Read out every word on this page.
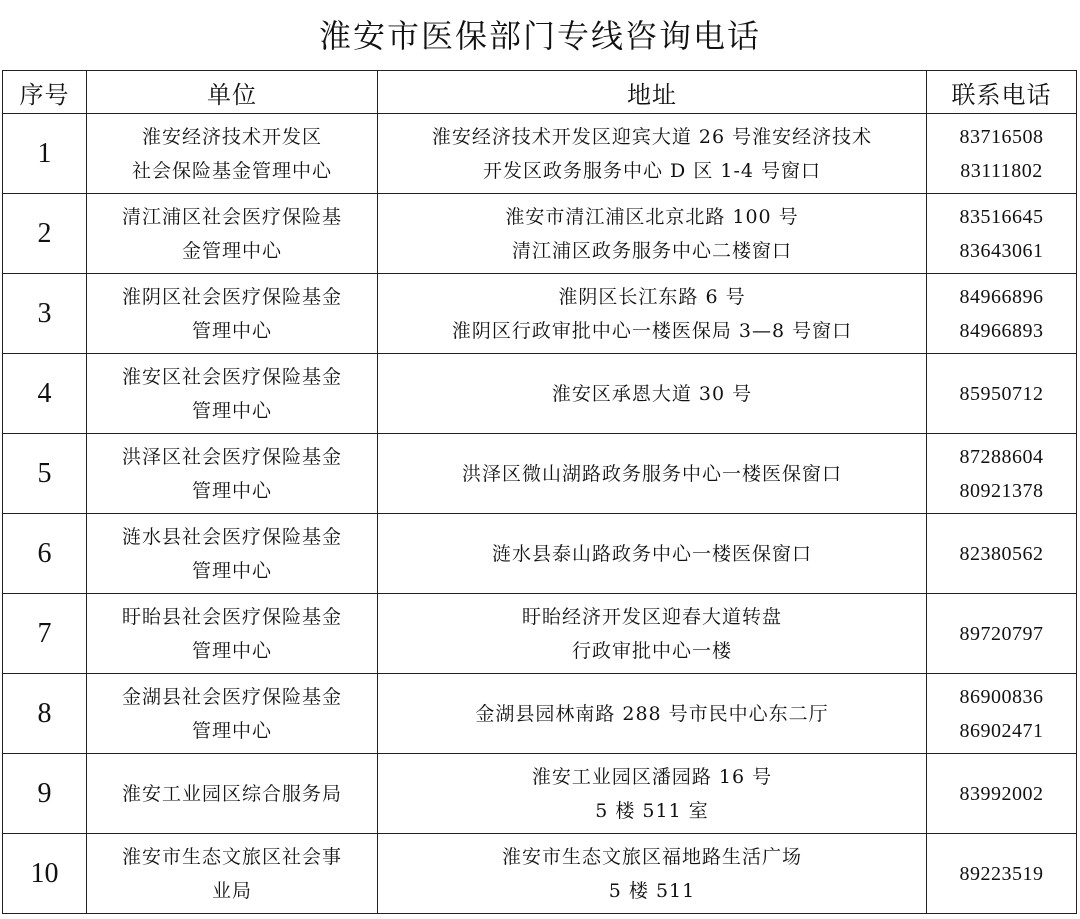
淮安市医保部门专线咨询电话
序号	单位	地址	联系电话
1	淮安经济技术开发区
社会保险基金管理中心	淮安经济技术开发区迎宾大道 26 号淮安经济技术
开发区政务服务中心 D 区 1-4 号窗口	83716508
83111802

2	清江浦区社会医疗保险基
金管理中心	淮安市清江浦区北京北路 100 号
清江浦区政务服务中心二楼窗口	83516645
83643061

3	淮阴区社会医疗保险基金
管理中心	淮阴区长江东路 6 号
淮阴区行政审批中心一楼医保局 3—8 号窗口	84966896
84966893

4	淮安区社会医疗保险基金
管理中心	淮安区承恩大道 30 号	85950712

5	洪泽区社会医疗保险基金
管理中心	洪泽区微山湖路政务服务中心一楼医保窗口	87288604
80921378

6	涟水县社会医疗保险基金
管理中心	涟水县泰山路政务中心一楼医保窗口	82380562

7	盱眙县社会医疗保险基金
管理中心	盱眙经济开发区迎春大道转盘
行政审批中心一楼	89720797

8	金湖县社会医疗保险基金
管理中心	金湖县园林南路 288 号市民中心东二厅	86900836
86902471

9	淮安工业园区综合服务局	淮安工业园区潘园路 16 号
5 楼 511 室	83992002

10	淮安市生态文旅区社会事
业局	淮安市生态文旅区福地路生活广场
5 楼 511	89223519
